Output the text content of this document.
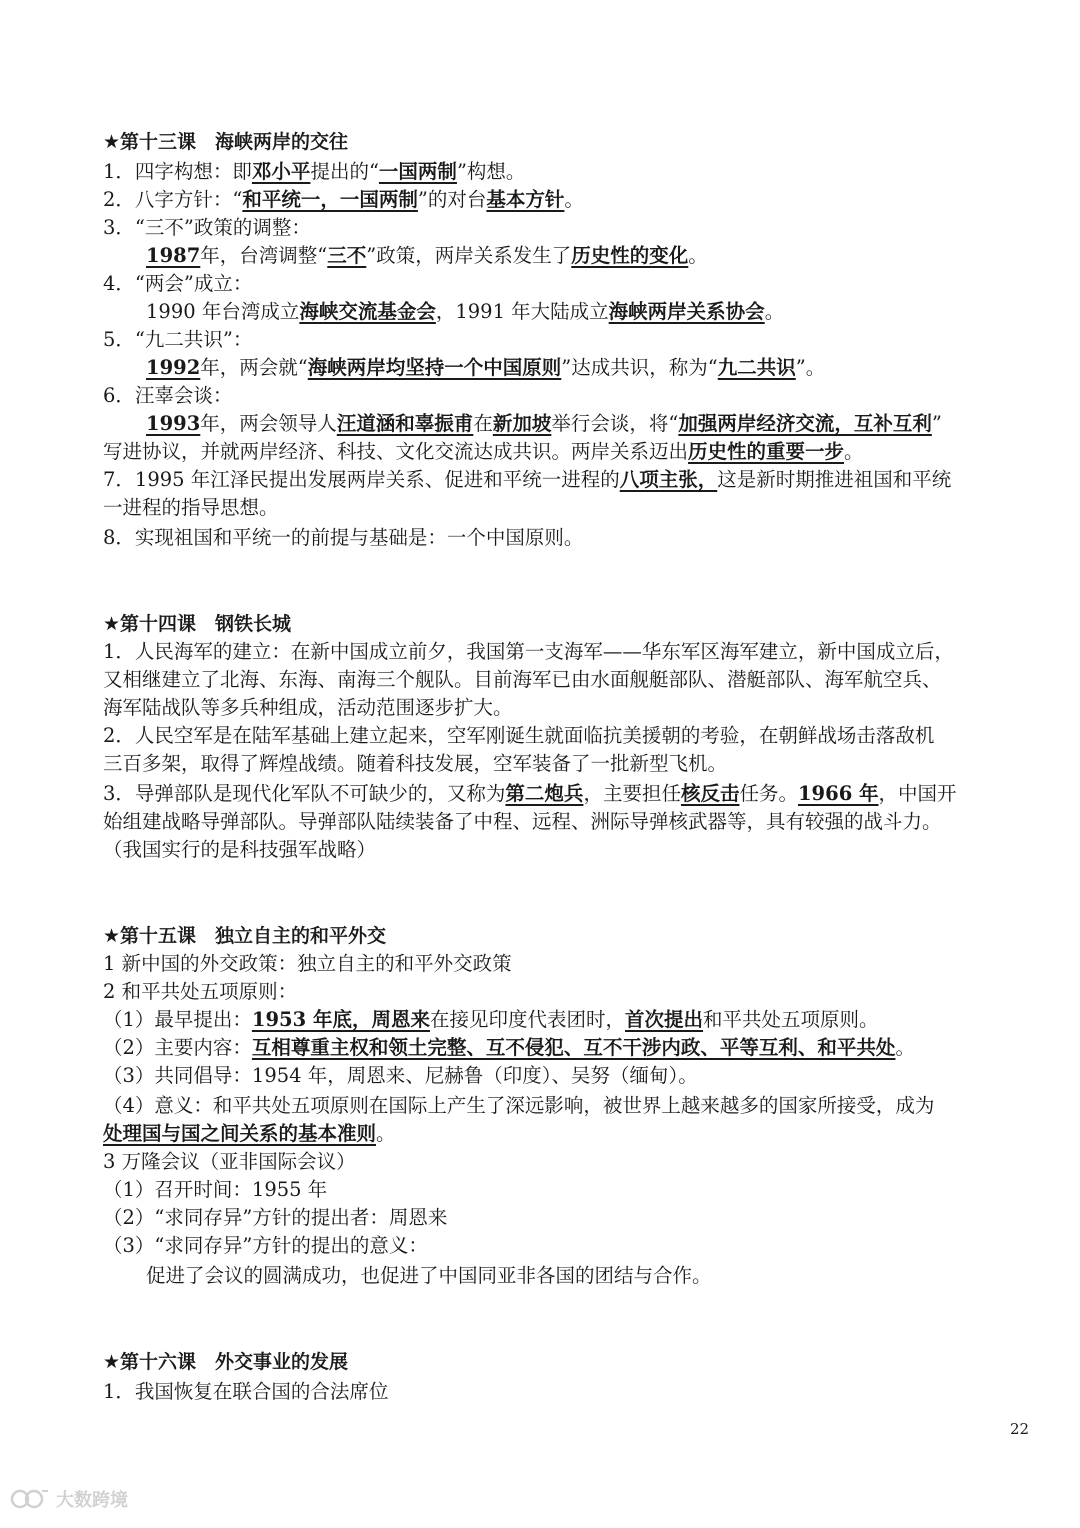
★第十三课　海峡两岸的交往
1．四字构想：即邓小平提出的“一国两制”构想。
2．八字方针：“和平统一，一国两制”的对台基本方针。
3．“三不”政策的调整：
1987年，台湾调整“三不”政策，两岸关系发生了历史性的变化。
4．“两会”成立：
1990 年台湾成立海峡交流基金会，1991 年大陆成立海峡两岸关系协会。
5．“九二共识”：
1992年，两会就“海峡两岸均坚持一个中国原则”达成共识，称为“九二共识”。
6．汪辜会谈：
1993年，两会领导人汪道涵和辜振甫在新加坡举行会谈，将“加强两岸经济交流，互补互利”
写进协议，并就两岸经济、科技、文化交流达成共识。两岸关系迈出历史性的重要一步。
7．1995 年江泽民提出发展两岸关系、促进和平统一进程的八项主张，这是新时期推进祖国和平统
一进程的指导思想。
8．实现祖国和平统一的前提与基础是：一个中国原则。
★第十四课　钢铁长城
1．人民海军的建立：在新中国成立前夕，我国第一支海军——华东军区海军建立，新中国成立后，
又相继建立了北海、东海、南海三个舰队。目前海军已由水面舰艇部队、潜艇部队、海军航空兵、
海军陆战队等多兵种组成，活动范围逐步扩大。
2．人民空军是在陆军基础上建立起来，空军刚诞生就面临抗美援朝的考验，在朝鲜战场击落敌机
三百多架，取得了辉煌战绩。随着科技发展，空军装备了一批新型飞机。
3．导弹部队是现代化军队不可缺少的，又称为第二炮兵，主要担任核反击任务。1966 年，中国开
始组建战略导弹部队。导弹部队陆续装备了中程、远程、洲际导弹核武器等，具有较强的战斗力。
（我国实行的是科技强军战略）
★第十五课　独立自主的和平外交
1 新中国的外交政策：独立自主的和平外交政策
2 和平共处五项原则：
（1）最早提出：1953 年底，周恩来在接见印度代表团时，首次提出和平共处五项原则。
（2）主要内容：互相尊重主权和领土完整、互不侵犯、互不干涉内政、平等互利、和平共处。
（3）共同倡导：1954 年，周恩来、尼赫鲁（印度）、吴努（缅甸）。
（4）意义：和平共处五项原则在国际上产生了深远影响，被世界上越来越多的国家所接受，成为
处理国与国之间关系的基本准则。
3 万隆会议（亚非国际会议）
（1）召开时间：1955 年
（2）“求同存异”方针的提出者：周恩来
（3）“求同存异”方针的提出的意义：
促进了会议的圆满成功，也促进了中国同亚非各国的团结与合作。
★第十六课　外交事业的发展
1．我国恢复在联合国的合法席位
22
大数跨境
